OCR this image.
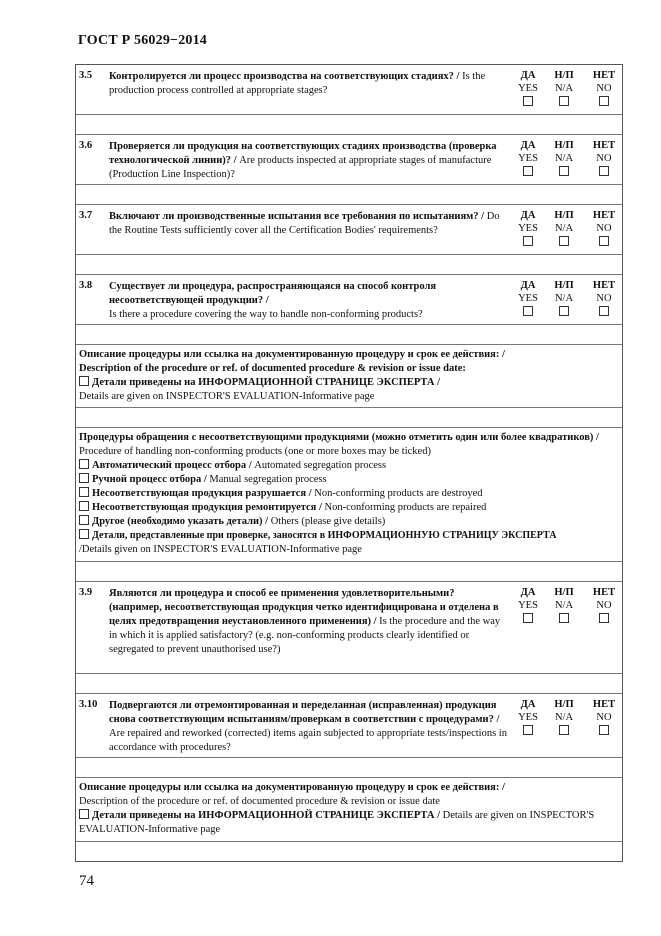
ГОСТ Р 56029−2014
3.5 Контролируется ли процесс производства на соответствующих стадиях? / Is the production process controlled at appropriate stages?
ДА
YES
Н/П
N/A
НЕТ
NO
3.6 Проверяется ли продукция на соответствующих стадиях производства (проверка технологической линии)? / Are products inspected at appropriate stages of manufacture (Production Line Inspection)?
ДА
YES
Н/П
N/A
НЕТ
NO
3.7 Включают ли производственные испытания все требования по испытаниям? / Do the Routine Tests sufficiently cover all the Certification Bodies' requirements?
ДА
YES
Н/П
N/A
НЕТ
NO
3.8 Существует ли процедура, распространяющаяся на способ контроля несоответствующей продукции? /
Is there a procedure covering the way to handle non-conforming products?
ДА
YES
Н/П
N/A
НЕТ
NO
Описание процедуры или ссылка на документированную процедуру и срок ее действия: /
Description of the procedure or ref. of documented procedure & revision or issue date:
Детали приведены на ИНФОРМАЦИОННОЙ СТРАНИЦЕ ЭКСПЕРТА /
Details are given on INSPECTOR'S EVALUATION-Informative page
Процедуры обращения с несоответствующими продукциями (можно отметить один или более квадратиков) / Procedure of handling non-conforming products (one or more boxes may be ticked)

Автоматический процесс отбора / Automated segregation process
Ручной процесс отбора / Manual segregation process
Несоответствующая продукция разрушается / Non-conforming products are destroyed
Несоответствующая продукция ремонтируется / Non-conforming products are repaired
Другое (необходимо указать детали) / Others (please give details)
Детали, представленные при проверке, заносятся в ИНФОРМАЦИОННУЮ СТРАНИЦУ ЭКСПЕРТА
/Details given on INSPECTOR'S EVALUATION-Informative page
3.9 Являются ли процедура и способ ее применения удовлетворительными? (например, несоответствующая продукция четко идентифицирована и отделена в целях предотвращения неустановленного применения) / Is the procedure and the way in which it is applied satisfactory? (e.g. non-conforming products clearly identified or segregated to prevent unauthorised use?)
ДА
YES
Н/П
N/A
НЕТ
NO
3.10 Подвергаются ли отремонтированная и переделанная (исправленная) продукция снова соответствующим испытаниям/проверкам в соответствии с процедурами? / Are repaired and reworked (corrected) items again subjected to appropriate tests/inspections in accordance with procedures?
ДА
YES
Н/П
N/A
НЕТ
NO
Описание процедуры или ссылка на документированную процедуру и срок ее действия: /
Description of the procedure or ref. of documented procedure & revision or issue date
Детали приведены на ИНФОРМАЦИОННОЙ СТРАНИЦЕ ЭКСПЕРТА / Details are given on INSPECTOR'S EVALUATION-Informative page
74
